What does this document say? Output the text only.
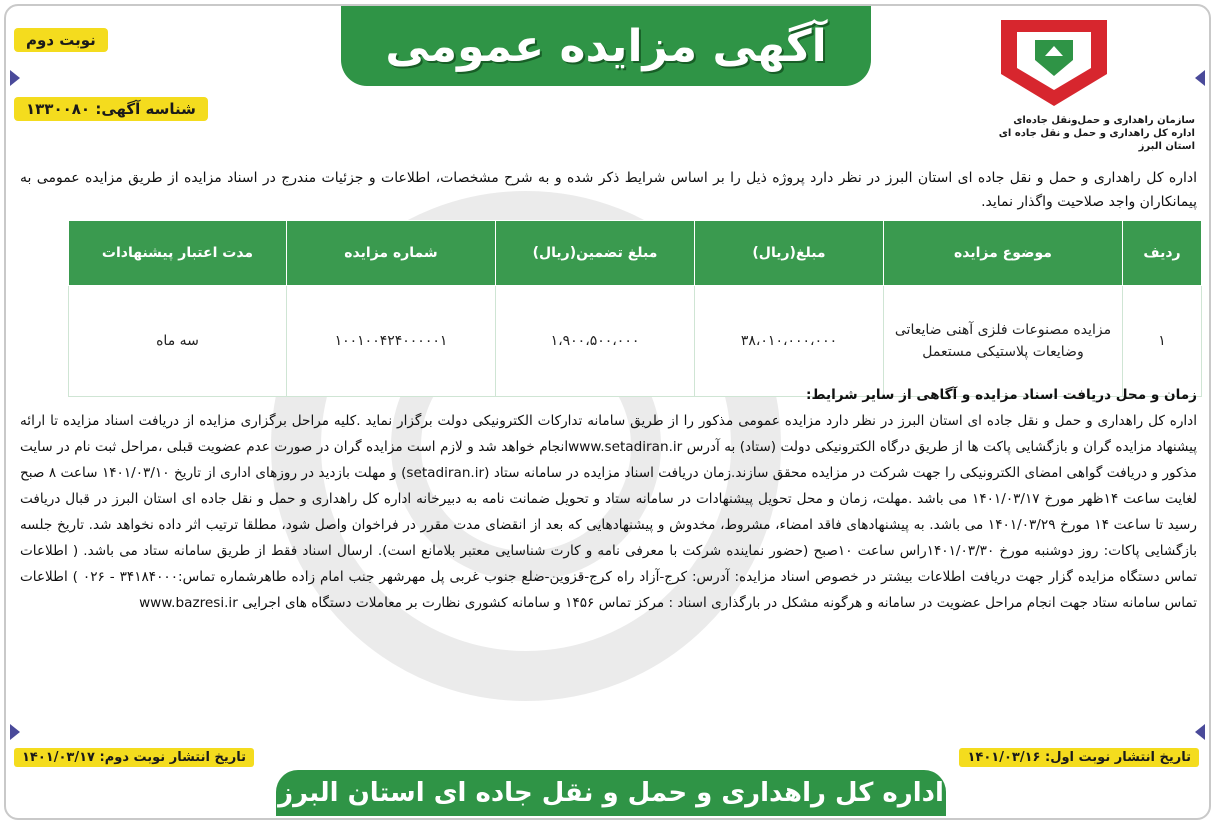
آگهی مزایده عمومی
نوبت دوم
شناسه آگهی: ۱۳۳۰۰۸۰
سازمان راهداری و حمل‌ونقل جاده‌ای
اداره کل راهداری و حمل و نقل جاده ای
استان البرز
اداره کل راهداری و حمل و نقل جاده ای استان البرز در نظر دارد پروژه ذیل را بر اساس شرایط ذکر شده و به شرح مشخصات، اطلاعات و جزئیات مندرج در اسناد مزایده از طریق مزایده عمومی به پیمانکاران واجد صلاحیت واگذار نماید.
ردیف	موضوع مزایده	مبلغ(ریال)	مبلغ تضمین(ریال)	شماره مزایده	مدت اعتبار پیشنهادات
۱	مزایده مصنوعات فلزی آهنی ضایعاتی وضایعات پلاستیکی مستعمل	۳۸،۰۱۰،۰۰۰،۰۰۰	۱،۹۰۰،۵۰۰،۰۰۰	۱۰۰۱۰۰۴۲۴۰۰۰۰۰۱	سه ماه
زمان و محل دریافت اسناد مزایده و آگاهی از سایر شرایط:
اداره کل راهداری و حمل و نقل جاده ای استان البرز در نظر دارد مزایده عمومی مذکور را از طریق سامانه تدارکات الکترونیکی دولت برگزار نماید .کلیه مراحل برگزاری مزایده از دریافت اسناد مزایده تا ارائه پیشنهاد مزایده گران و بازگشایی پاکت ها از طریق درگاه الکترونیکی دولت (ستاد) به آدرس www.setadiran.irانجام خواهد شد و لازم است مزایده گران در صورت عدم عضویت قبلی ،مراحل ثبت نام در سایت مذکور و دریافت گواهی امضای الکترونیکی را جهت شرکت در مزایده محقق سازند.زمان دریافت اسناد مزایده در سامانه ستاد (setadiran.ir) و مهلت بازدید در روزهای اداری از تاریخ ۱۴۰۱/۰۳/۱۰ ساعت ۸ صبح لغایت ساعت ۱۴ظهر مورخ ۱۴۰۱/۰۳/۱۷ می باشد .مهلت، زمان و محل تحویل پیشنهادات در سامانه ستاد و تحویل ضمانت نامه به دبیرخانه اداره کل راهداری و حمل و نقل جاده ای استان البرز در قبال دریافت رسید تا ساعت ۱۴ مورخ ۱۴۰۱/۰۳/۲۹ می باشد. به پیشنهادهای فاقد امضاء، مشروط، مخدوش و پیشنهادهایی که بعد از انقضای مدت مقرر در فراخوان واصل شود، مطلقا ترتیب اثر داده نخواهد شد. تاریخ جلسه بازگشایی پاکات: روز دوشنبه مورخ ۱۴۰۱/۰۳/۳۰راس ساعت ۱۰صبح (حضور نماینده شرکت با معرفی نامه و کارت شناسایی معتبر بلامانع است). ارسال اسناد فقط از طریق سامانه ستاد می باشد. ( اطلاعات تماس دستگاه مزایده گزار جهت دریافت اطلاعات بیشتر در خصوص اسناد مزایده: آدرس: کرج-آزاد راه کرج-قزوین-ضلع جنوب غربی پل مهرشهر جنب امام زاده طاهرشماره تماس:۳۴۱۸۴۰۰۰ - ۰۲۶ ) اطلاعات تماس سامانه ستاد جهت انجام مراحل عضویت در سامانه و هرگونه مشکل در بارگذاری اسناد : مرکز تماس ۱۴۵۶ و سامانه کشوری نظارت بر معاملات دستگاه های اجرایی www.bazresi.ir
تاریخ انتشار نوبت اول: ۱۴۰۱/۰۳/۱۶
تاریخ انتشار نوبت دوم: ۱۴۰۱/۰۳/۱۷
اداره کل راهداری و حمل و نقل جاده ای استان البرز
